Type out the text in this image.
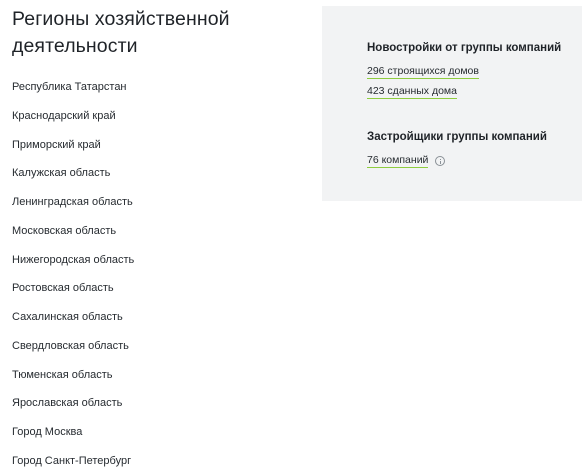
Регионы хозяйственной
деятельности
Республика Татарстан
Краснодарский край
Приморский край
Калужская область
Ленинградская область
Московская область
Нижегородская область
Ростовская область
Сахалинская область
Свердловская область
Тюменская область
Ярославская область
Город Москва
Город Санкт-Петербург

Новостройки от группы компаний

296 строящихся домов
423 сданных дома

Застройщики группы компаний

76 компаний
